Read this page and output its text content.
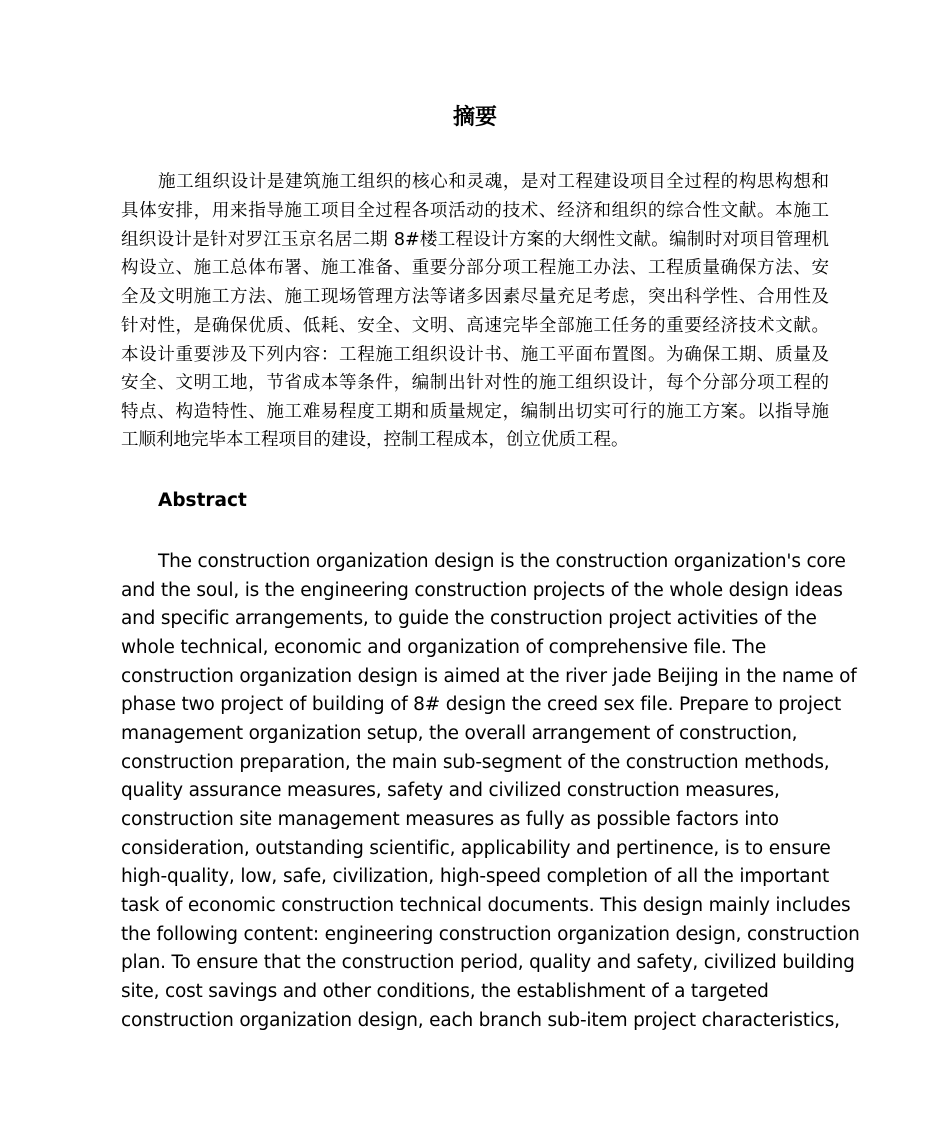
摘要
施工组织设计是建筑施工组织的核心和灵魂，是对工程建设项目全过程的构思构想和
具体安排，用来指导施工项目全过程各项活动的技术、经济和组织的综合性文献。本施工
组织设计是针对罗江玉京名居二期 8#楼工程设计方案的大纲性文献。编制时对项目管理机
构设立、施工总体布署、施工准备、重要分部分项工程施工办法、工程质量确保方法、安
全及文明施工方法、施工现场管理方法等诸多因素尽量充足考虑，突出科学性、合用性及
针对性，是确保优质、低耗、安全、文明、高速完毕全部施工任务的重要经济技术文献。
本设计重要涉及下列内容：工程施工组织设计书、施工平面布置图。为确保工期、质量及
安全、文明工地，节省成本等条件，编制出针对性的施工组织设计，每个分部分项工程的
特点、构造特性、施工难易程度工期和质量规定，编制出切实可行的施工方案。以指导施
工顺利地完毕本工程项目的建设，控制工程成本，创立优质工程。
Abstract
The construction organization design is the construction organization's core
and the soul, is the engineering construction projects of the whole design ideas
and specific arrangements, to guide the construction project activities of the
whole technical, economic and organization of comprehensive file. The
construction organization design is aimed at the river jade Beijing in the name of
phase two project of building of 8# design the creed sex file. Prepare to project
management organization setup, the overall arrangement of construction,
construction preparation, the main sub-segment of the construction methods,
quality assurance measures, safety and civilized construction measures,
construction site management measures as fully as possible factors into
consideration, outstanding scientific, applicability and pertinence, is to ensure
high-quality, low, safe, civilization, high-speed completion of all the important
task of economic construction technical documents. This design mainly includes
the following content: engineering construction organization design, construction
plan. To ensure that the construction period, quality and safety, civilized building
site, cost savings and other conditions, the establishment of a targeted
construction organization design, each branch sub-item project characteristics,
